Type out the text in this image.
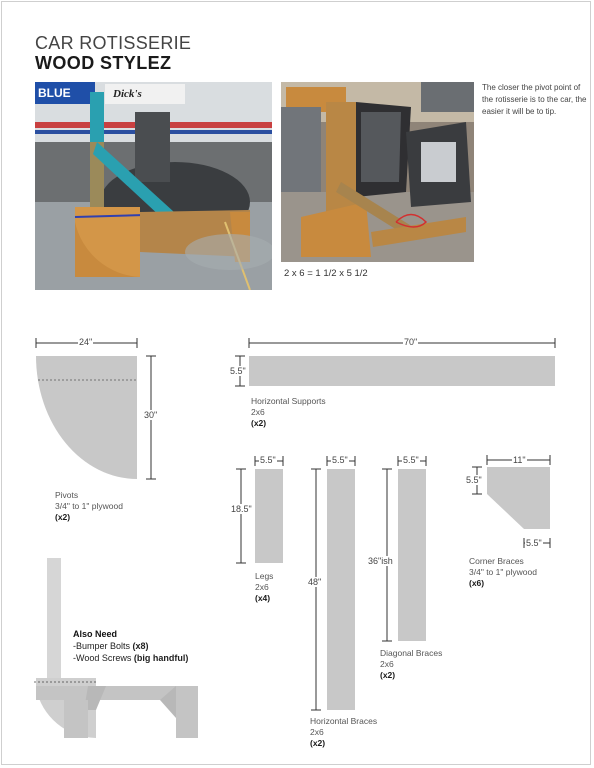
CAR ROTISSERIE
WOOD STYLEZ
BLUE	Dick's
The closer the pivot point of the rotisserie is to the car, the easier it will be to tip.
2 x 6 = 1 1/2 x 5 1/2
24"
30"
70"
5.5"
5.5"
18.5"
5.5"
48"
5.5"
36"ish
11"
5.5"
5.5"
Pivots
3/4" to 1" plywood
(x2)
Horizontal Supports
2x6
(x2)
Legs
2x6
(x4)
Horizontal Braces
2x6
(x2)
Diagonal Braces
2x6
(x2)
Corner Braces
3/4" to 1" plywood
(x6)
Also Need
-Bumper Bolts (x8)
-Wood Screws (big handful)
